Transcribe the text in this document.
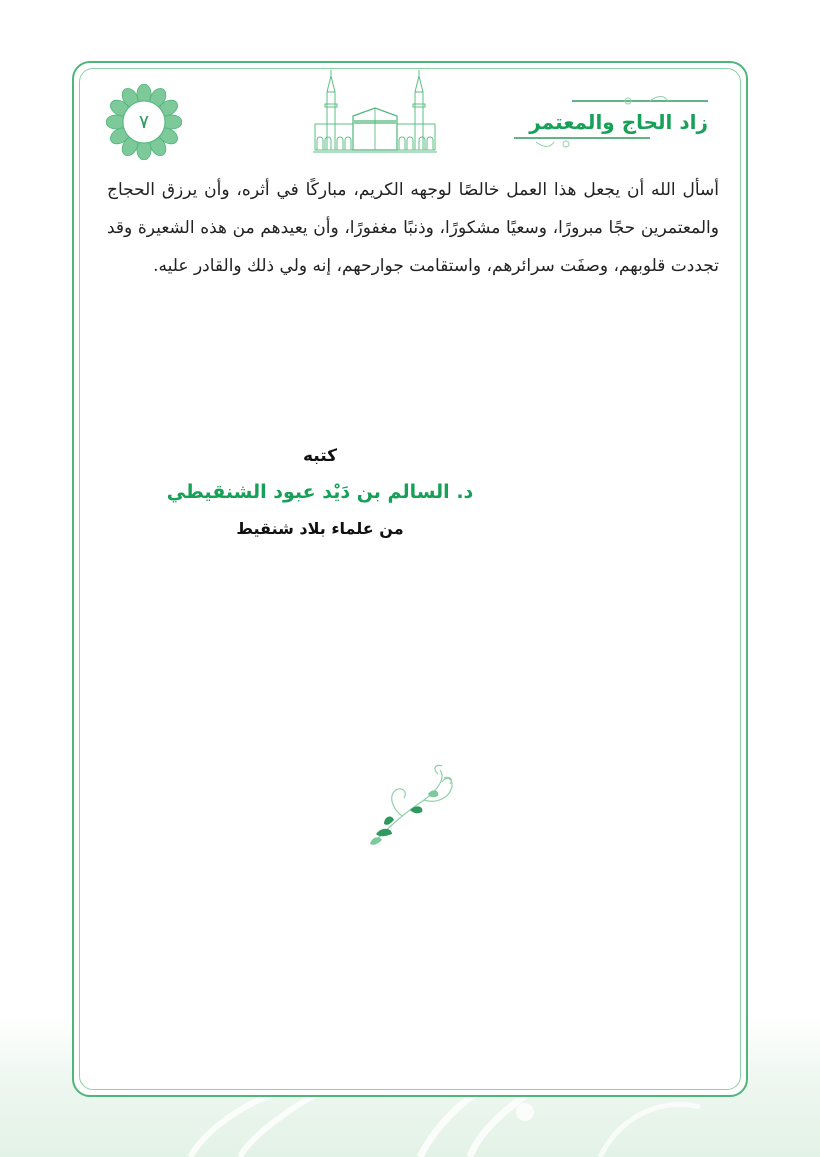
٧	زاد الحاج والمعتمر
أسأل الله أن يجعل هذا العمل خالصًا لوجهه الكريم، مباركًا في أثره، وأن يرزق الحجاج والمعتمرين حجًا مبرورًا، وسعيًا مشكورًا، وذنبًا مغفورًا، وأن يعيدهم من هذه الشعيرة وقد تجددت قلوبهم، وصفَت سرائرهم، واستقامت جوارحهم، إنه ولي ذلك والقادر عليه.
كتبه
د. السالم بن دَيْد عبود الشنقيطي
من علماء بلاد شنقيط
